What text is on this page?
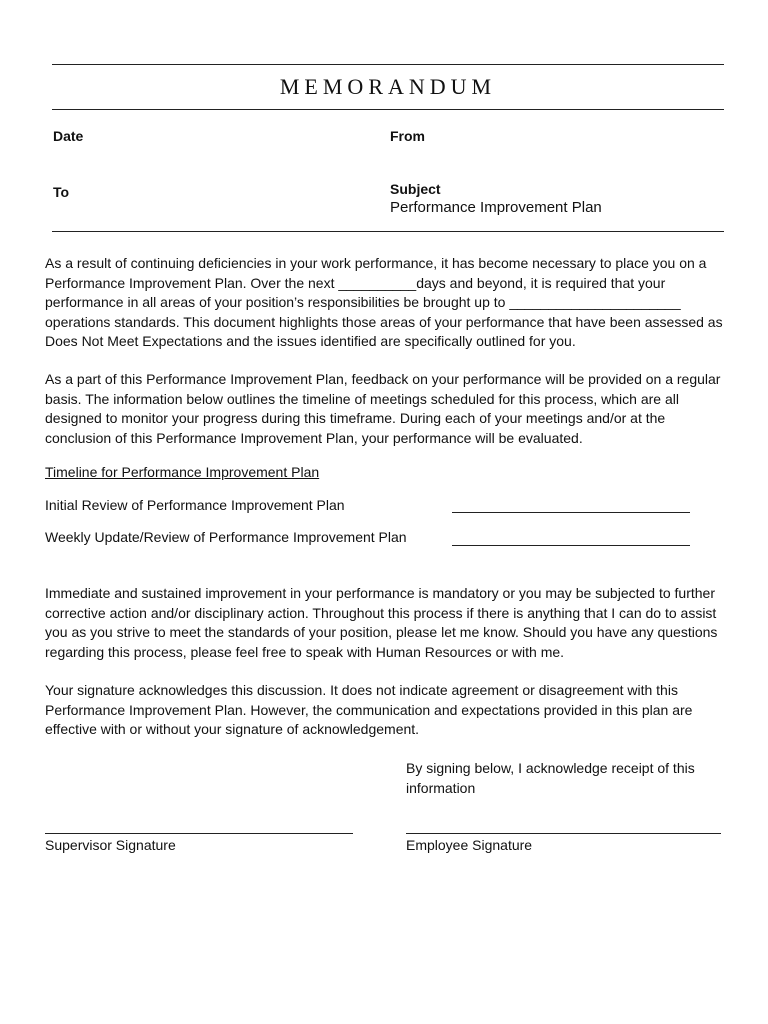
MEMORANDUM
Date	From
To	Subject
Performance Improvement Plan

As a result of continuing deficiencies in your work performance, it has become necessary to place you on a Performance Improvement Plan. Over the next __________days and beyond, it is required that your performance in all areas of your position’s responsibilities be brought up to ______________________ operations standards. This document highlights those areas of your performance that have been assessed as Does Not Meet Expectations and the issues identified are specifically outlined for you.

As a part of this Performance Improvement Plan, feedback on your performance will be provided on a regular basis. The information below outlines the timeline of meetings scheduled for this process, which are all designed to monitor your progress during this timeframe. During each of your meetings and/or at the conclusion of this Performance Improvement Plan, your performance will be evaluated.

Timeline for Performance Improvement Plan
Initial Review of Performance Improvement Plan
Weekly Update/Review of Performance Improvement Plan

Immediate and sustained improvement in your performance is mandatory or you may be subjected to further corrective action and/or disciplinary action. Throughout this process if there is anything that I can do to assist you as you strive to meet the standards of your position, please let me know. Should you have any questions regarding this process, please feel free to speak with Human Resources or with me.

Your signature acknowledges this discussion. It does not indicate agreement or disagreement with this Performance Improvement Plan. However, the communication and expectations provided in this plan are effective with or without your signature of acknowledgement.

By signing below, I acknowledge receipt of this information
Supervisor Signature	Employee Signature
